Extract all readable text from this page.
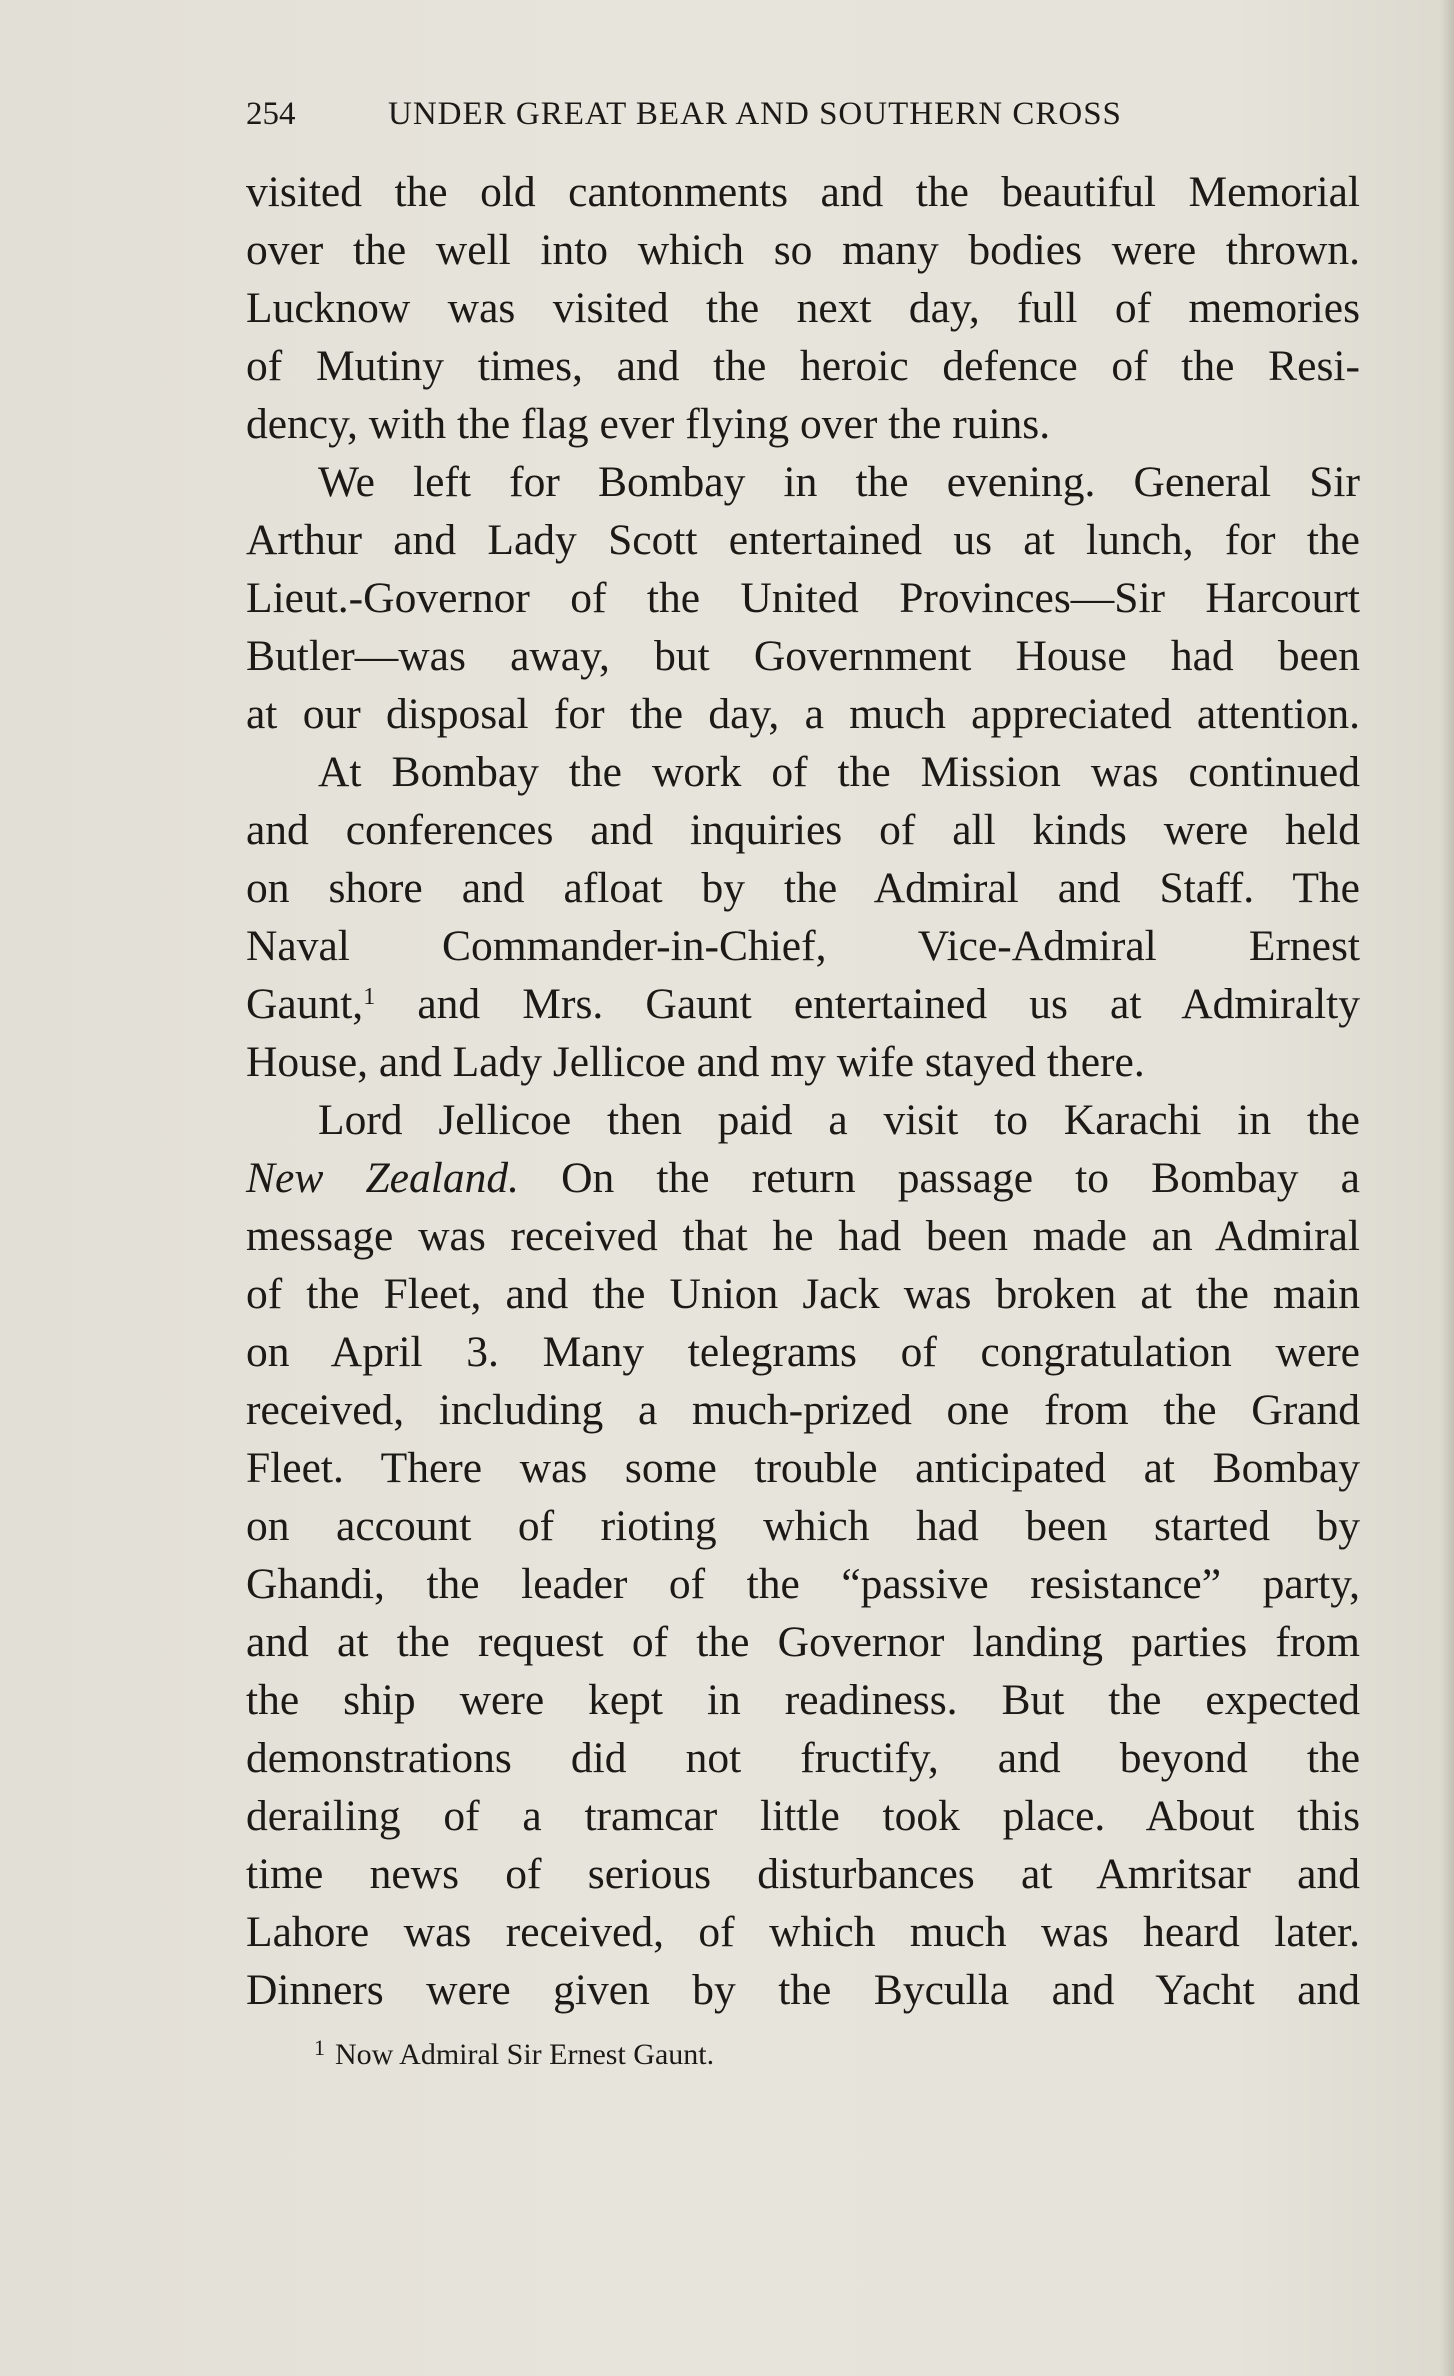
254	UNDER GREAT BEAR AND SOUTHERN CROSS
visited the old cantonments and the beautiful Memorial
over the well into which so many bodies were thrown.
Lucknow was visited the next day, full of memories
of Mutiny times, and the heroic defence of the Resi-
dency, with the flag ever flying over the ruins.
We left for Bombay in the evening. General Sir
Arthur and Lady Scott entertained us at lunch, for the
Lieut.-Governor of the United Provinces—Sir Harcourt
Butler—was away, but Government House had been
at our disposal for the day, a much appreciated attention.
At Bombay the work of the Mission was continued
and conferences and inquiries of all kinds were held
on shore and afloat by the Admiral and Staff. The
Naval Commander-in-Chief, Vice-Admiral Ernest
Gaunt,$^1$ and Mrs. Gaunt entertained us at Admiralty
House, and Lady Jellicoe and my wife stayed there.
Lord Jellicoe then paid a visit to Karachi in the
New Zealand. On the return passage to Bombay a
message was received that he had been made an Admiral
of the Fleet, and the Union Jack was broken at the main
on April 3. Many telegrams of congratulation were
received, including a much-prized one from the Grand
Fleet. There was some trouble anticipated at Bombay
on account of rioting which had been started by
Ghandi, the leader of the “passive resistance” party,
and at the request of the Governor landing parties from
the ship were kept in readiness. But the expected
demonstrations did not fructify, and beyond the
derailing of a tramcar little took place. About this
time news of serious disturbances at Amritsar and
Lahore was received, of which much was heard later.
Dinners were given by the Byculla and Yacht and
$^1$ Now Admiral Sir Ernest Gaunt.
